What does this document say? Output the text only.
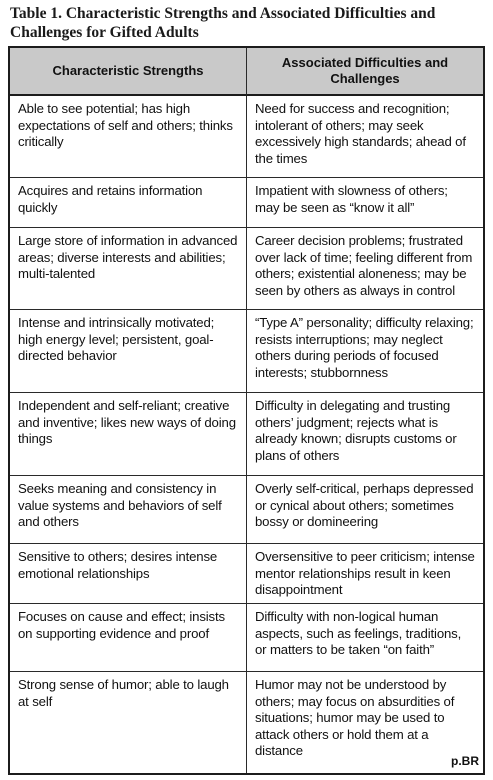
Table 1. Characteristic Strengths and Associated Difficulties and Challenges for Gifted Adults
Characteristic Strengths
Associated Difficulties and Challenges
Able to see potential; has high expectations of self and others; thinks critically
Need for success and recognition; intolerant of others; may seek excessively high standards; ahead of the times
Acquires and retains information quickly
Impatient with slowness of others; may be seen as “know it all”
Large store of information in advanced areas; diverse interests and abilities; multi-talented
Career decision problems; frustrated over lack of time; feeling different from others; existential aloneness; may be seen by others as always in control
Intense and intrinsically motivated; high energy level; persistent, goal-directed behavior
“Type A” personality; difficulty relaxing; resists interruptions; may neglect others during periods of focused interests; stubbornness
Independent and self-reliant; creative and inventive; likes new ways of doing things
Difficulty in delegating and trusting others’ judgment; rejects what is already known; disrupts customs or plans of others
Seeks meaning and consistency in value systems and behaviors of self and others
Overly self-critical, perhaps depressed or cynical about others; sometimes bossy or domineering
Sensitive to others; desires intense emotional relationships
Oversensitive to peer criticism; intense mentor relationships result in keen disappointment
Focuses on cause and effect; insists on supporting evidence and proof
Difficulty with non-logical human aspects, such as feelings, traditions, or matters to be taken “on faith”
Strong sense of humor; able to laugh at self
Humor may not be understood by others; may focus on absurdities of situations; humor may be used to attack others or hold them at a distance
p.BR
